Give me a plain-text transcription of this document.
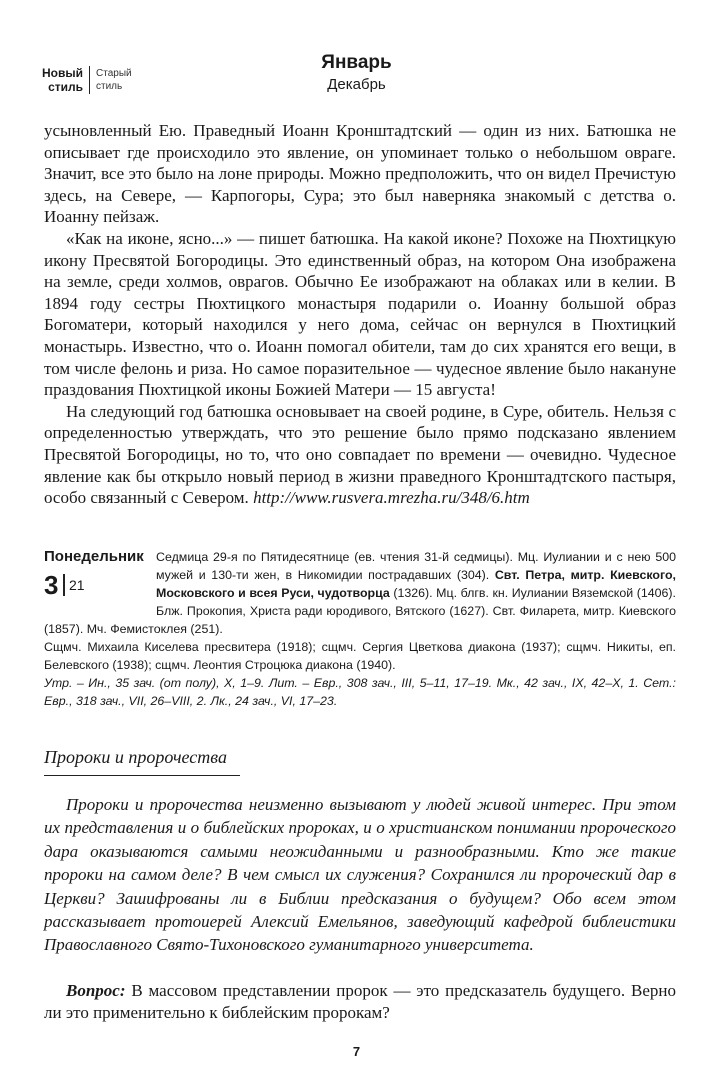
Новый
стиль
Старый
стиль
Январь
Декабрь

усыновленный Ею. Праведный Иоанн Кронштадтский — один из них. Батюшка не описывает где происходило это явление, он упоминает только о небольшом овраге. Значит, все это было на лоне природы. Можно предположить, что он видел Пречистую здесь, на Севере, — Карпогоры, Сура; это был наверняка знакомый с детства о. Иоанну пейзаж.

«Как на иконе, ясно...» — пишет батюшка. На какой иконе? Похоже на Пюхтицкую икону Пресвятой Богородицы. Это единственный образ, на котором Она изображена на земле, среди холмов, оврагов. Обычно Ее изображают на облаках или в келии. В 1894 году сестры Пюхтицкого монастыря подарили о. Иоанну большой образ Богоматери, который находился у него дома, сейчас он вернулся в Пюхтицкий монастырь. Известно, что о. Иоанн помогал обители, там до сих хранятся его вещи, в том числе фелонь и риза. Но самое поразительное — чудесное явление было накануне праздования Пюхтицкой иконы Божией Матери — 15 августа!

На следующий год батюшка основывает на своей родине, в Суре, обитель. Нельзя с определенностью утверждать, что это решение было прямо подсказано явлением Пресвятой Богородицы, но то, что оно совпадает по времени — очевидно. Чудесное явление как бы открыло новый период в жизни праведного Кронштадтского пастыря, особо связанный с Севером. http://www.rusvera.mrezha.ru/348/6.htm

Понедельник
3 21
Седмица 29-я по Пятидесятнице (ев. чтения 31-й седмицы). Мц. Иулиании и с нею 500 мужей и 130-ти жен, в Никомидии пострадавших (304). Свт. Петра, митр. Киевского, Московского и всея Руси, чудотворца (1326). Мц. блгв. кн. Иулиании Вяземской (1406). Блж. Прокопия, Христа ради юродивого, Вятского (1627). Свт. Филарета, митр. Киевского (1857). Мч. Фемистоклея (251).
Сщмч. Михаила Киселева пресвитера (1918); сщмч. Сергия Цветкова диакона (1937); сщмч. Никиты, еп. Белевского (1938); сщмч. Леонтия Строцюка диакона (1940).
Утр. – Ин., 35 зач. (от полу), Х, 1–9. Лит. – Евр., 308 зач., III, 5–11, 17–19. Мк., 42 зач., IX, 42–Х, 1. Сет.: Евр., 318 зач., VII, 26–VIII, 2. Лк., 24 зач., VI, 17–23.
Пророки и пророчества
Пророки и пророчества неизменно вызывают у людей живой интерес. При этом их представления и о библейских пророках, и о христианском понимании пророческого дара оказываются самыми неожиданными и разнообразными. Кто же такие пророки на самом деле? В чем смысл их служения? Сохранился ли пророческий дар в Церкви? Зашифрованы ли в Библии предсказания о будущем? Обо всем этом рассказывает протоиерей Алексий Емельянов, заведующий кафедрой библеистики Православного Свято-Тихоновского гуманитарного университета.
Вопрос: В массовом представлении пророк — это предсказатель будущего. Верно ли это применительно к библейским пророкам?
7
